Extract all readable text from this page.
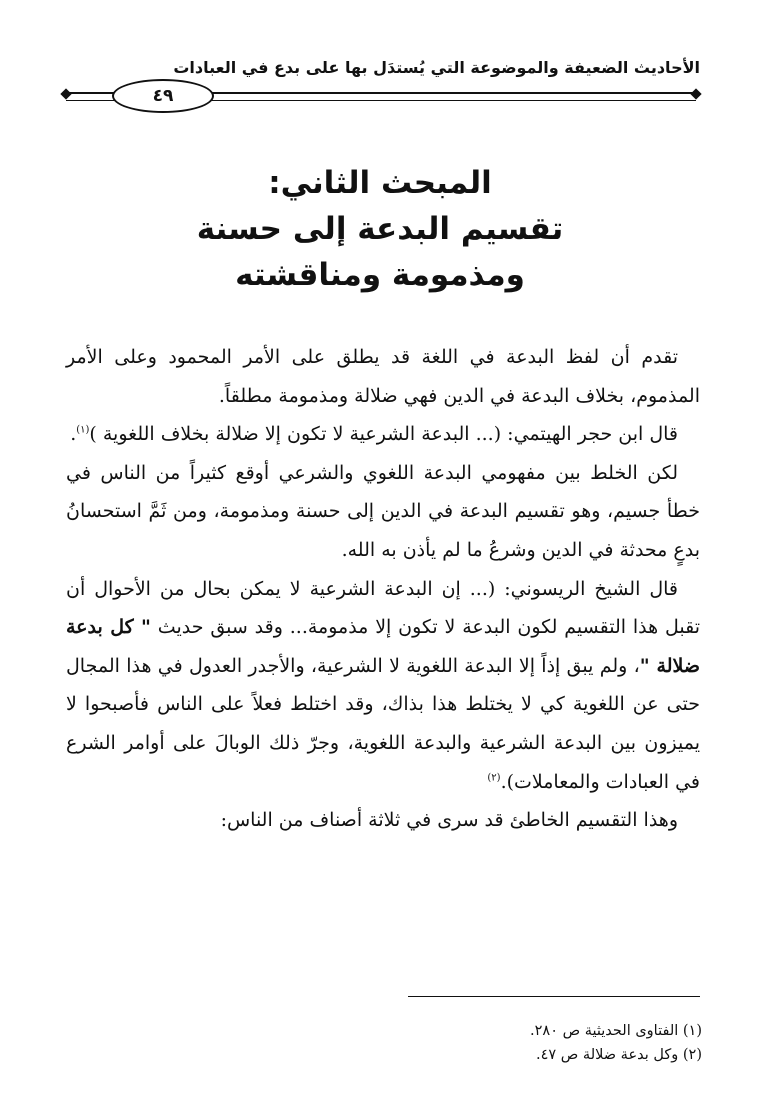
الأحاديث الضعيفة والموضوعة التي يُستدَل بها على بدع في العبادات
٤٩
المبحث الثاني:
تقسيم البدعة إلى حسنة
ومذمومة ومناقشته

تقدم أن لفظ البدعة في اللغة قد يطلق على الأمر المحمود وعلى الأمر المذموم، بخلاف البدعة في الدين فهي ضلالة ومذمومة مطلقاً.

قال ابن حجر الهيتمي: (... البدعة الشرعية لا تكون إلا ضلالة بخلاف اللغوية )$^{(١)}$.

لكن الخلط بين مفهومي البدعة اللغوي والشرعي أوقع كثيراً من الناس في خطأ جسيم، وهو تقسيم البدعة في الدين إلى حسنة ومذمومة، ومن ثَمَّ استحسانُ بدعٍ محدثة في الدين وشرعُ ما لم يأذن به الله.

قال الشيخ الريسوني: (... إن البدعة الشرعية لا يمكن بحال من الأحوال أن تقبل هذا التقسيم لكون البدعة لا تكون إلا مذمومة... وقد سبق حديث " كل بدعة ضلالة "، ولم يبق إذاً إلا البدعة اللغوية لا الشرعية، والأجدر العدول في هذا المجال حتى عن اللغوية كي لا يختلط هذا بذاك، وقد اختلط فعلاً على الناس فأصبحوا لا يميزون بين البدعة الشرعية والبدعة اللغوية، وجرّ ذلك الوبالَ على أوامر الشرع في العبادات والمعاملات).$^{(٢)}$

وهذا التقسيم الخاطئ قد سرى في ثلاثة أصناف من الناس:

(١) الفتاوى الحديثية ص ٢٨٠.
(٢) وكل بدعة ضلالة ص ٤٧.
